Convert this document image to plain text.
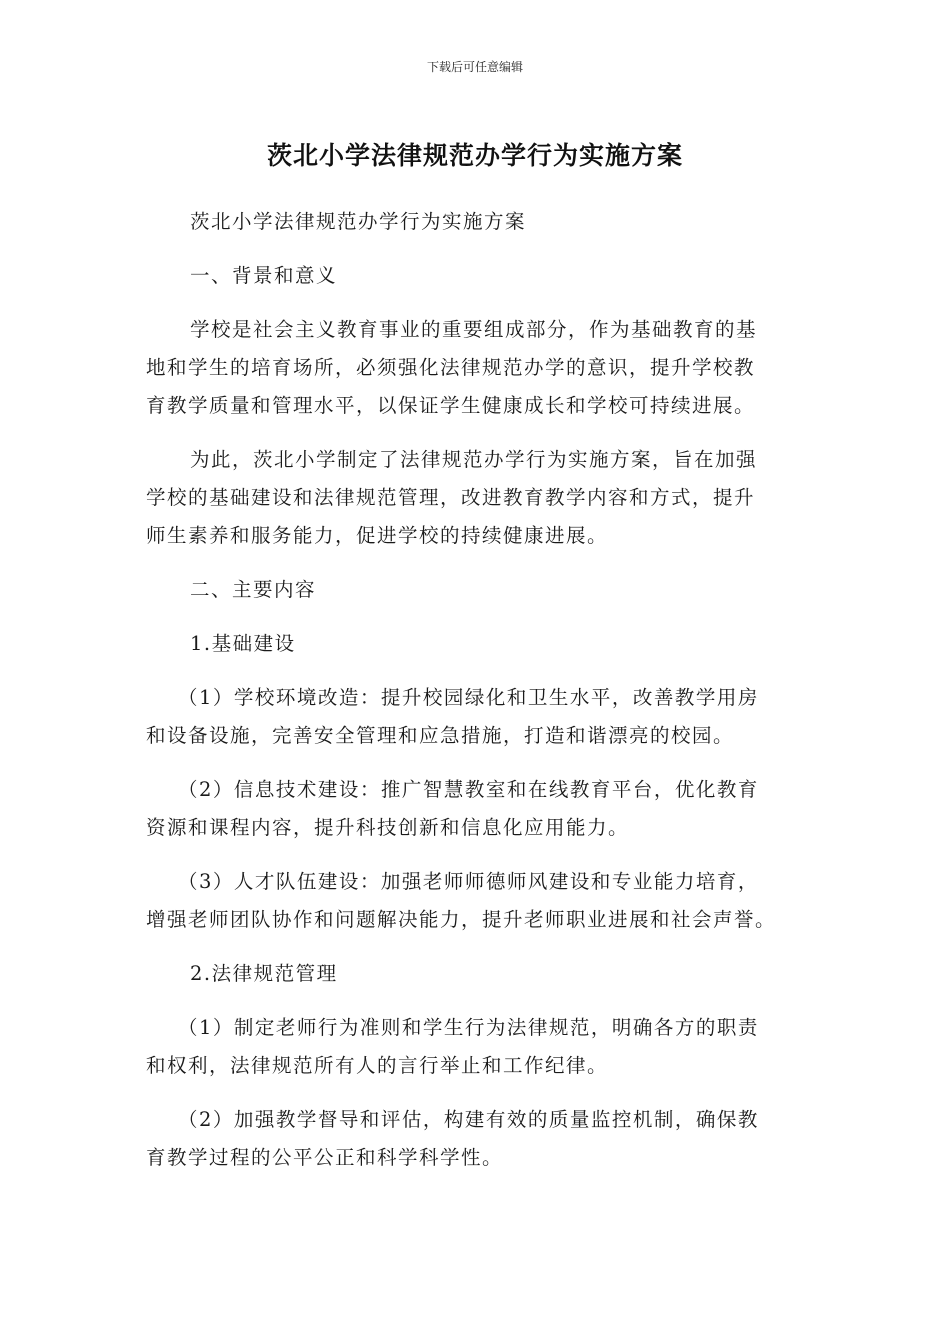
下载后可任意编辑
茨北小学法律规范办学行为实施方案
茨北小学法律规范办学行为实施方案
一、背景和意义
学校是社会主义教育事业的重要组成部分，作为基础教育的基
地和学生的培育场所，必须强化法律规范办学的意识，提升学校教
育教学质量和管理水平，以保证学生健康成长和学校可持续进展。
为此，茨北小学制定了法律规范办学行为实施方案，旨在加强
学校的基础建设和法律规范管理，改进教育教学内容和方式，提升
师生素养和服务能力，促进学校的持续健康进展。
二、主要内容
1.基础建设
（1）学校环境改造：提升校园绿化和卫生水平，改善教学用房
和设备设施，完善安全管理和应急措施，打造和谐漂亮的校园。
（2）信息技术建设：推广智慧教室和在线教育平台，优化教育
资源和课程内容，提升科技创新和信息化应用能力。
（3）人才队伍建设：加强老师师德师风建设和专业能力培育，
增强老师团队协作和问题解决能力，提升老师职业进展和社会声誉。
2.法律规范管理
（1）制定老师行为准则和学生行为法律规范，明确各方的职责
和权利，法律规范所有人的言行举止和工作纪律。
（2）加强教学督导和评估，构建有效的质量监控机制，确保教
育教学过程的公平公正和科学科学性。
